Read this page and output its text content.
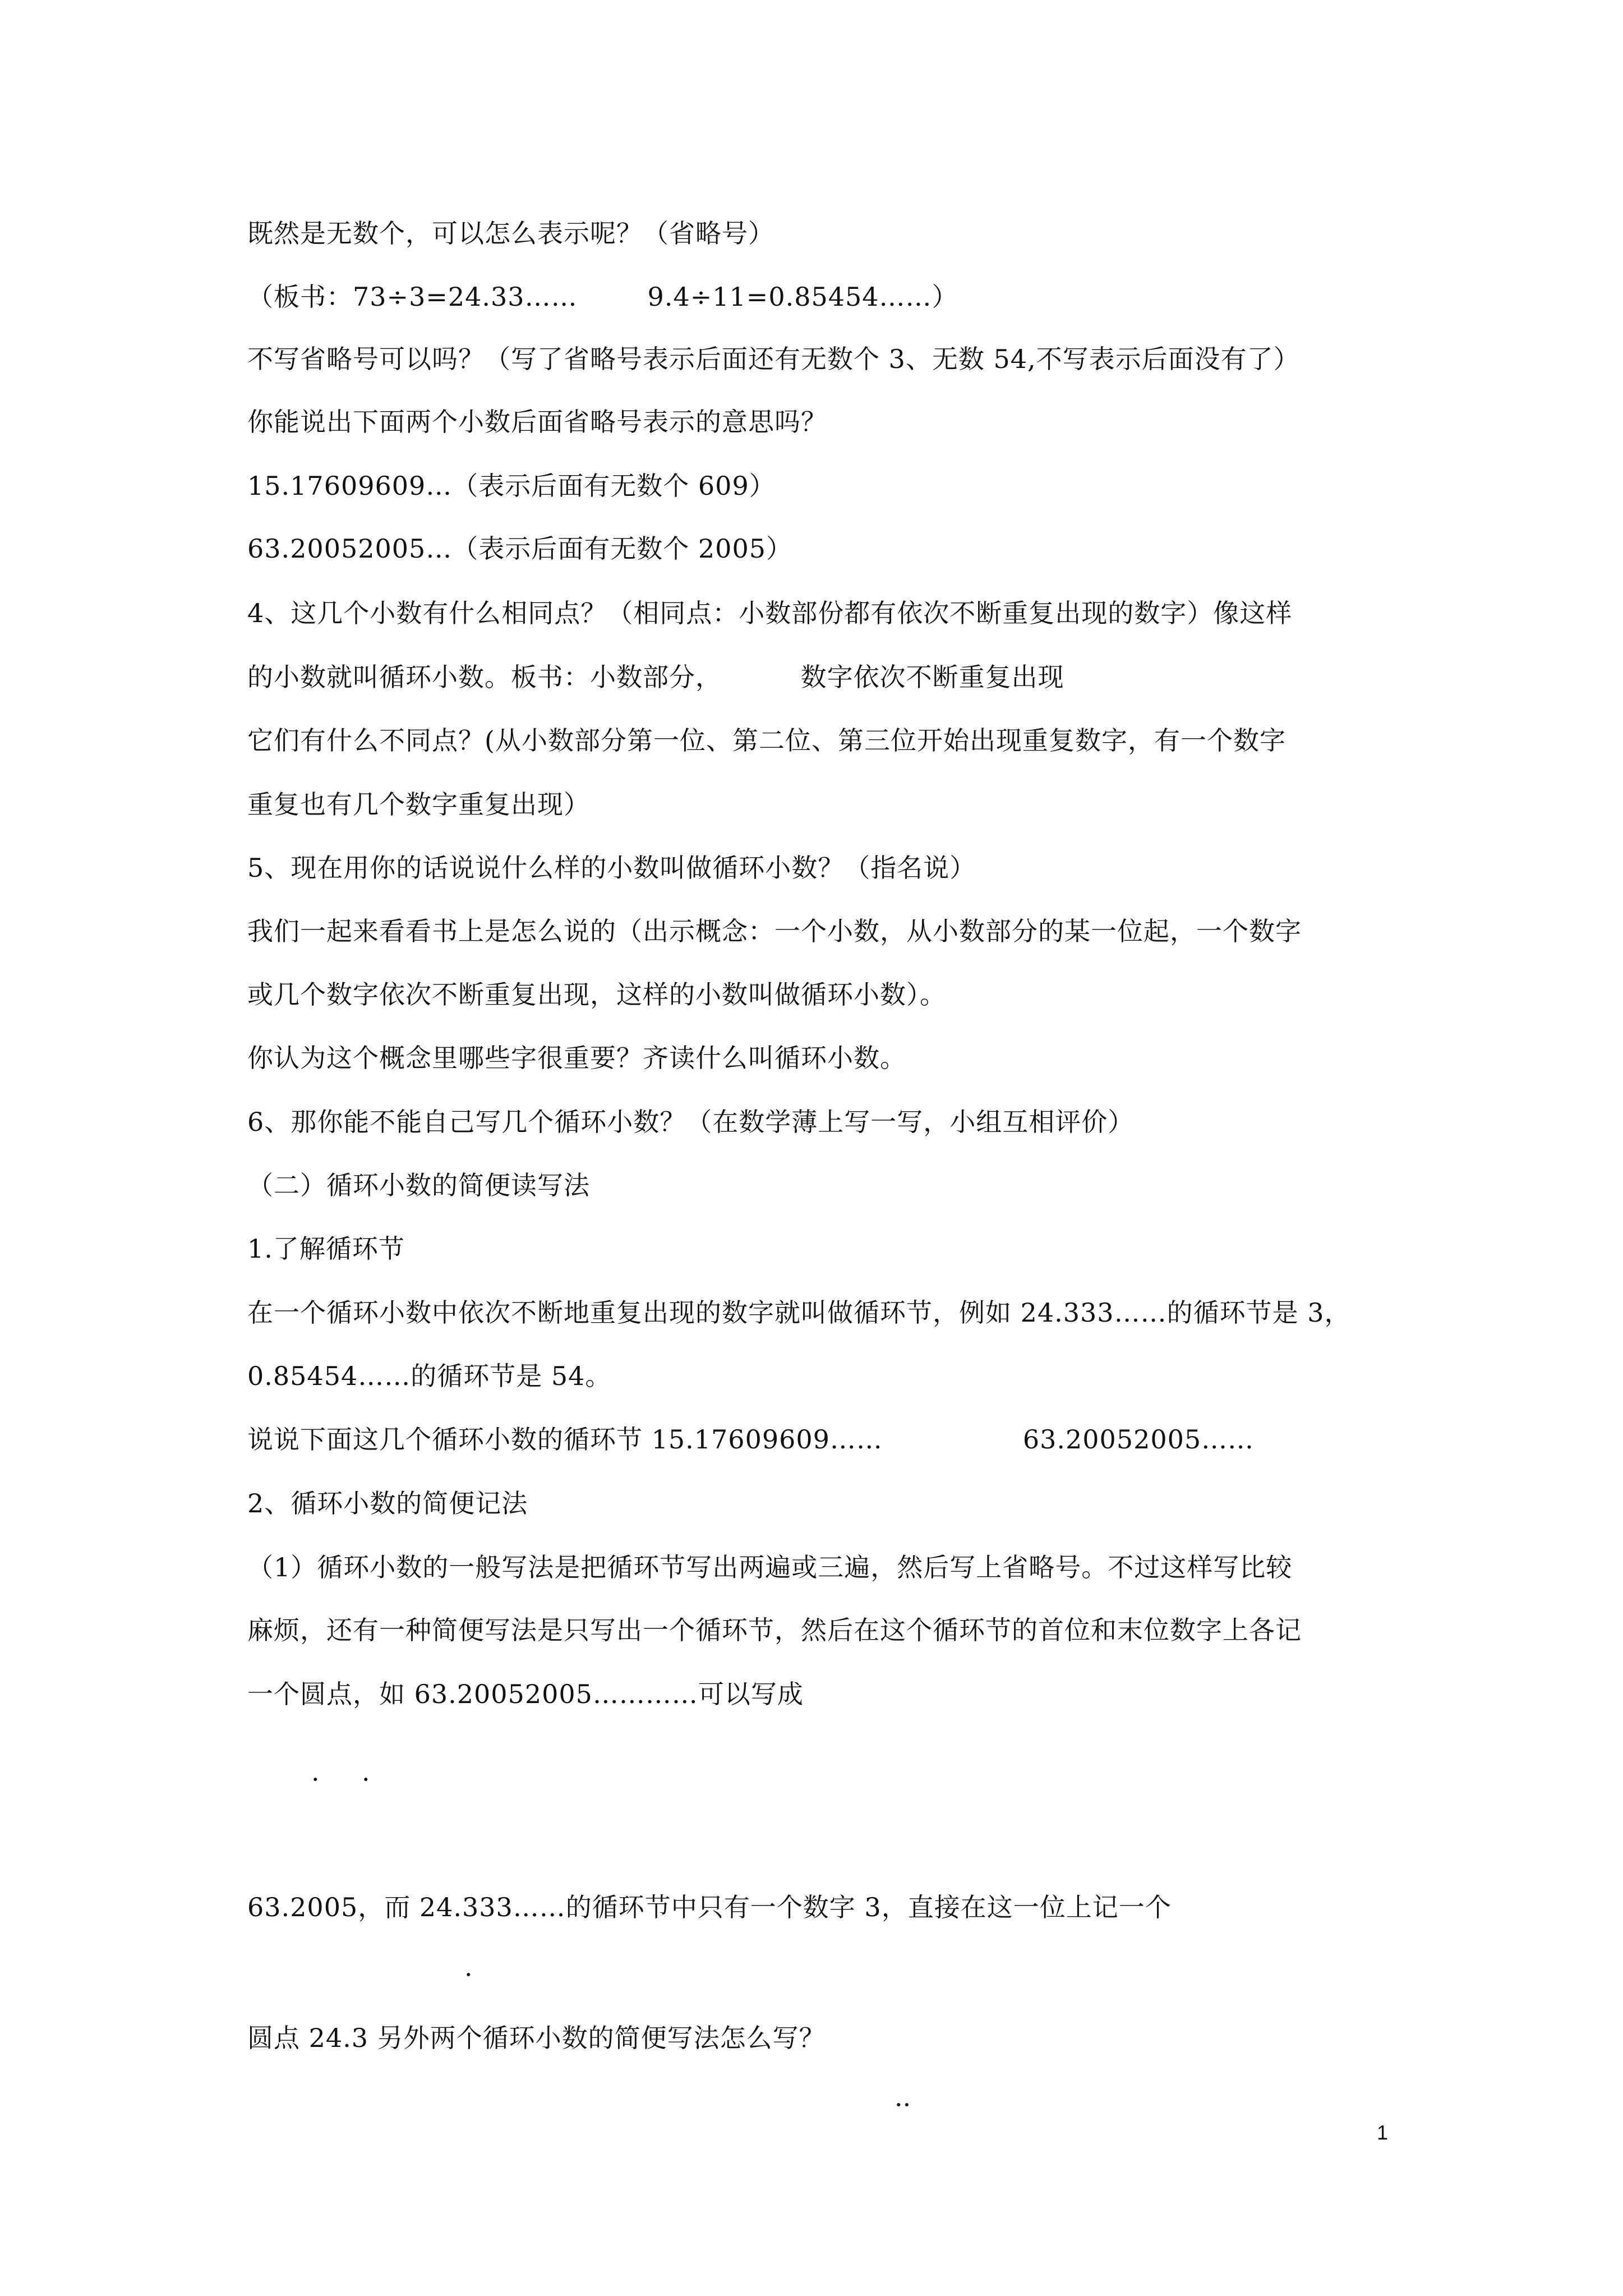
既然是无数个，可以怎么表示呢？（省略号）
（板书：73÷3=24.33……        9.4÷11=0.85454……）
不写省略号可以吗？（写了省略号表示后面还有无数个 3、无数 54,不写表示后面没有了）
你能说出下面两个小数后面省略号表示的意思吗？
15.17609609…（表示后面有无数个 609）
63.20052005…（表示后面有无数个 2005）
4、这几个小数有什么相同点？（相同点：小数部份都有依次不断重复出现的数字）像这样
的小数就叫循环小数。板书：小数部分，         数字依次不断重复出现
它们有什么不同点？(从小数部分第一位、第二位、第三位开始出现重复数字，有一个数字
重复也有几个数字重复出现）
5、现在用你的话说说什么样的小数叫做循环小数？（指名说）
我们一起来看看书上是怎么说的（出示概念：一个小数，从小数部分的某一位起，一个数字
或几个数字依次不断重复出现，这样的小数叫做循环小数）。
你认为这个概念里哪些字很重要？齐读什么叫循环小数。
6、那你能不能自己写几个循环小数？（在数学薄上写一写，小组互相评价）
（二）循环小数的简便读写法
1.了解循环节
在一个循环小数中依次不断地重复出现的数字就叫做循环节，例如 24.333……的循环节是 3，
0.85454……的循环节是 54。
说说下面这几个循环小数的循环节 15.17609609……                63.20052005……
2、循环小数的简便记法
（1）循环小数的一般写法是把循环节写出两遍或三遍，然后写上省略号。不过这样写比较
麻烦，还有一种简便写法是只写出一个循环节，然后在这个循环节的首位和末位数字上各记
一个圆点，如 63.20052005…………可以写成
· ·
63.2005，而 24.333……的循环节中只有一个数字 3，直接在这一位上记一个
·
圆点 24.3 另外两个循环小数的简便写法怎么写？
··
1
